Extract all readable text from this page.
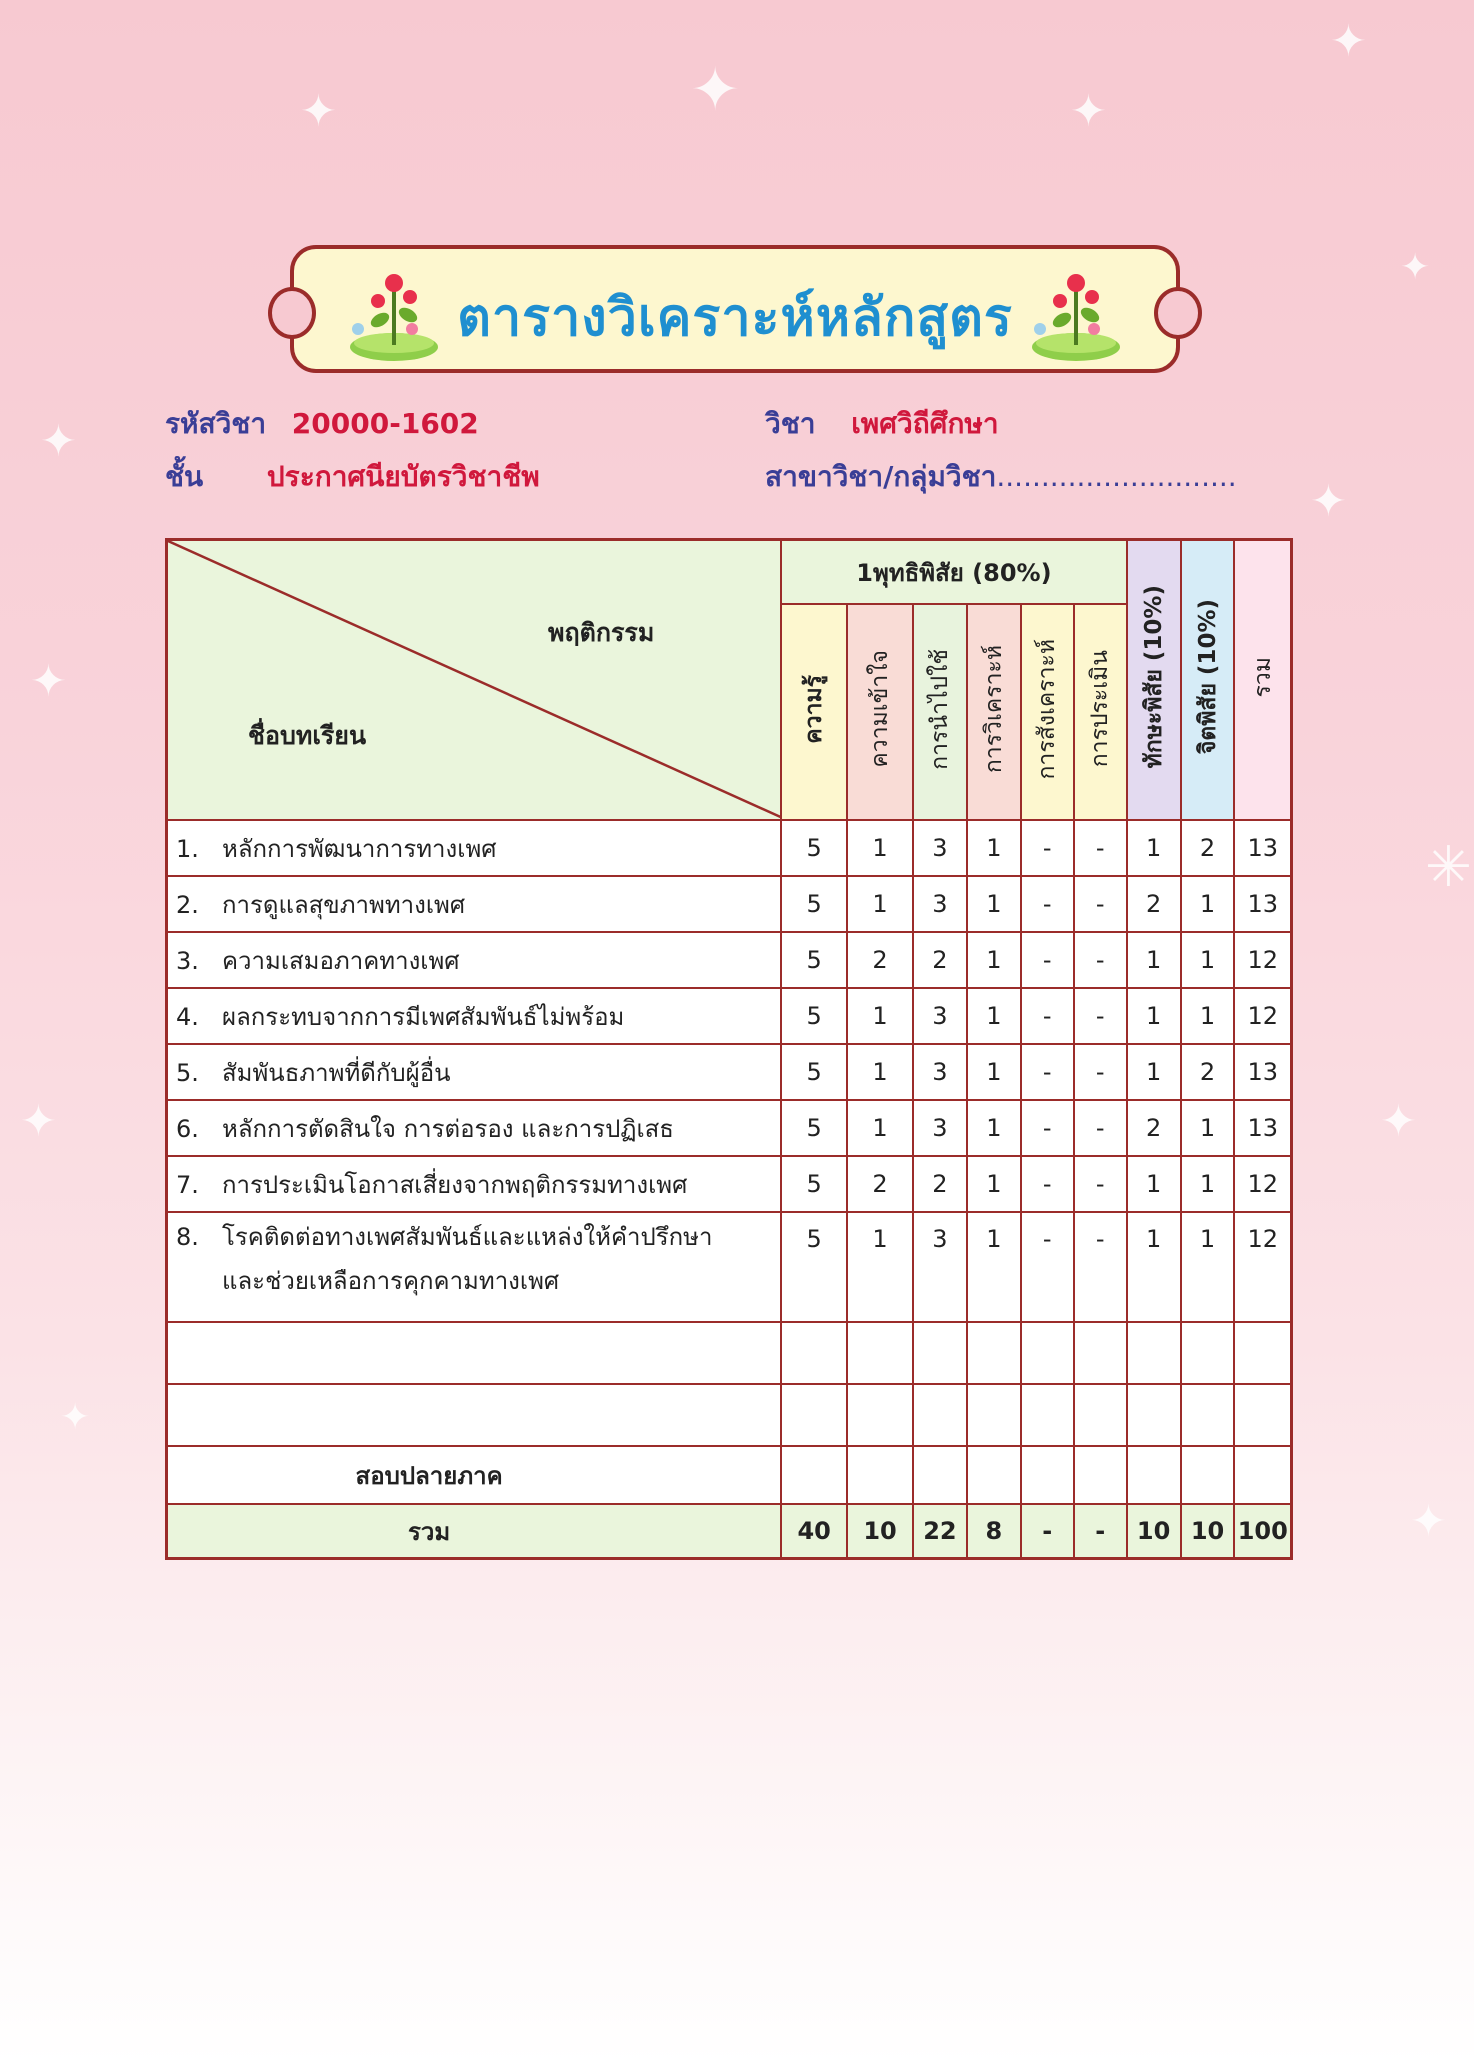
✦	✦	✦
✦
✦
✦
✦
✦
✳
✦	✦
✦
✦
ตารางวิเคราะห์หลักสูตร
รหัสวิชา 20000-1602	วิชา เพศวิถีศึกษา
ชั้น ประกาศนียบัตรวิชาชีพ	สาขาวิชา/กลุ่มวิชา...........................
พฤติกรรม
ชื่อบทเรียน	1พุทธิพิสัย (80%)						ทักษะพิสัย (10%)	จิตพิสัย (10%)	รวม
	ความรู้	ความเข้าใจ	การนำไปใช้	การวิเคราะห์	การสังเคราะห์	การประเมิน			
1. หลักการพัฒนาการทางเพศ	5	1	3	1	-	-	1	2	13
2. การดูแลสุขภาพทางเพศ	5	1	3	1	-	-	2	1	13
3. ความเสมอภาคทางเพศ	5	2	2	1	-	-	1	1	12
4. ผลกระทบจากการมีเพศสัมพันธ์ไม่พร้อม	5	1	3	1	-	-	1	1	12
5. สัมพันธภาพที่ดีกับผู้อื่น	5	1	3	1	-	-	1	2	13
6. หลักการตัดสินใจ การต่อรอง และการปฏิเสธ	5	1	3	1	-	-	2	1	13
7. การประเมินโอกาสเสี่ยงจากพฤติกรรมทางเพศ	5	2	2	1	-	-	1	1	12
8. โรคติดต่อทางเพศสัมพันธ์และแหล่งให้คำปรึกษา
และช่วยเหลือการคุกคามทางเพศ	5	1	3	1	-	-	1	1	12

สอบปลายภาค									
รวม	40	10	22	8	-	-	10	10	100
